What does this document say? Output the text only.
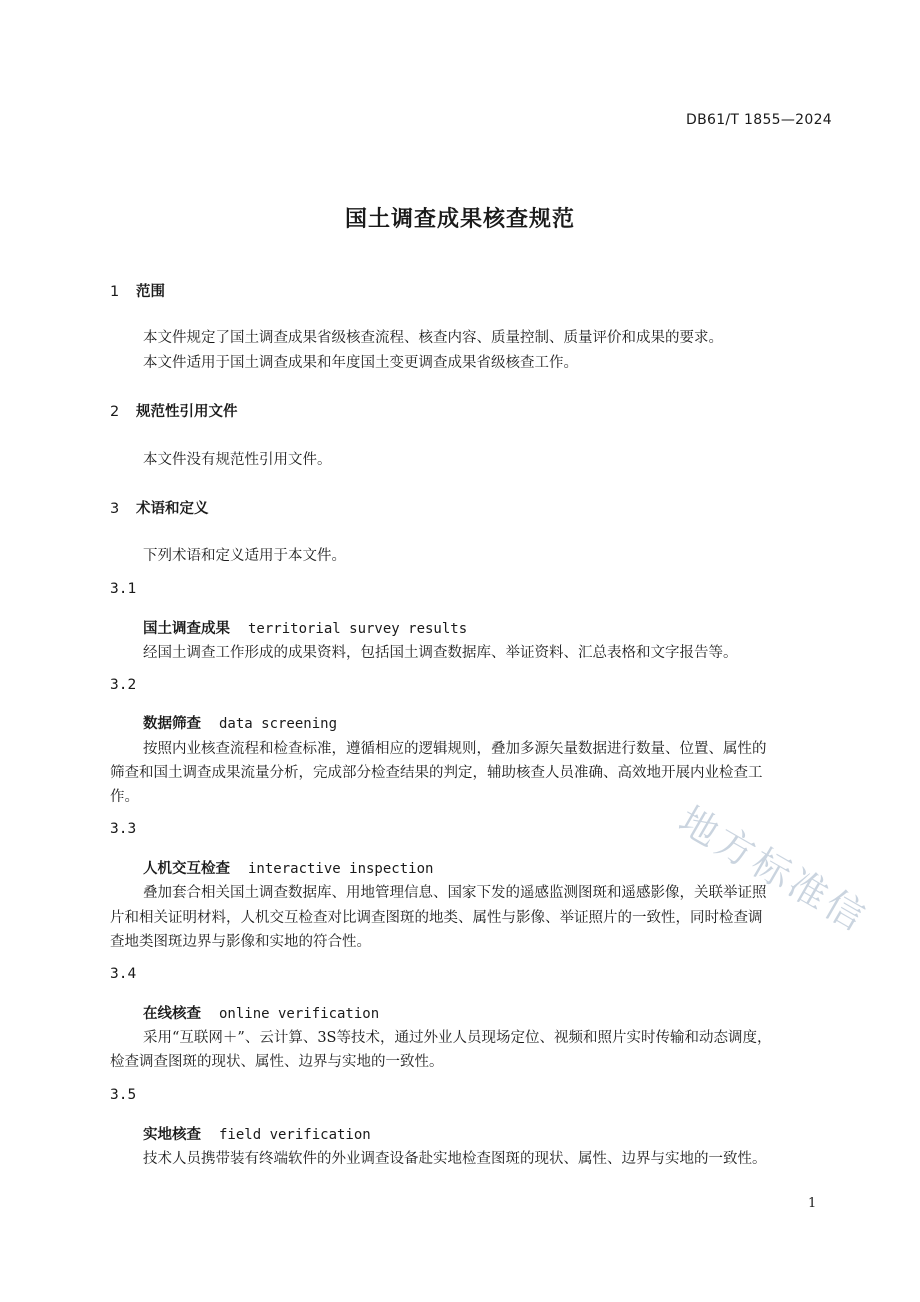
DB61/T 1855—2024
国土调查成果核查规范
1 范围
本文件规定了国土调查成果省级核查流程、核查内容、质量控制、质量评价和成果的要求。
本文件适用于国土调查成果和年度国土变更调查成果省级核查工作。
2 规范性引用文件
本文件没有规范性引用文件。
3 术语和定义
下列术语和定义适用于本文件。
3.1
国土调查成果 territorial survey results
经国土调查工作形成的成果资料，包括国土调查数据库、举证资料、汇总表格和文字报告等。
3.2
数据筛查 data screening
按照内业核查流程和检查标准，遵循相应的逻辑规则，叠加多源矢量数据进行数量、位置、属性的
筛查和国土调查成果流量分析，完成部分检查结果的判定，辅助核查人员准确、高效地开展内业检查工
作。
3.3
人机交互检查 interactive inspection
叠加套合相关国土调查数据库、用地管理信息、国家下发的遥感监测图斑和遥感影像，关联举证照
片和相关证明材料，人机交互检查对比调查图斑的地类、属性与影像、举证照片的一致性，同时检查调
查地类图斑边界与影像和实地的符合性。
3.4
在线核查 online verification
采用“互联网＋”、云计算、3S等技术，通过外业人员现场定位、视频和照片实时传输和动态调度，
检查调查图斑的现状、属性、边界与实地的一致性。
3.5
实地核查 field verification
技术人员携带装有终端软件的外业调查设备赴实地检查图斑的现状、属性、边界与实地的一致性。
1
地方标准信
